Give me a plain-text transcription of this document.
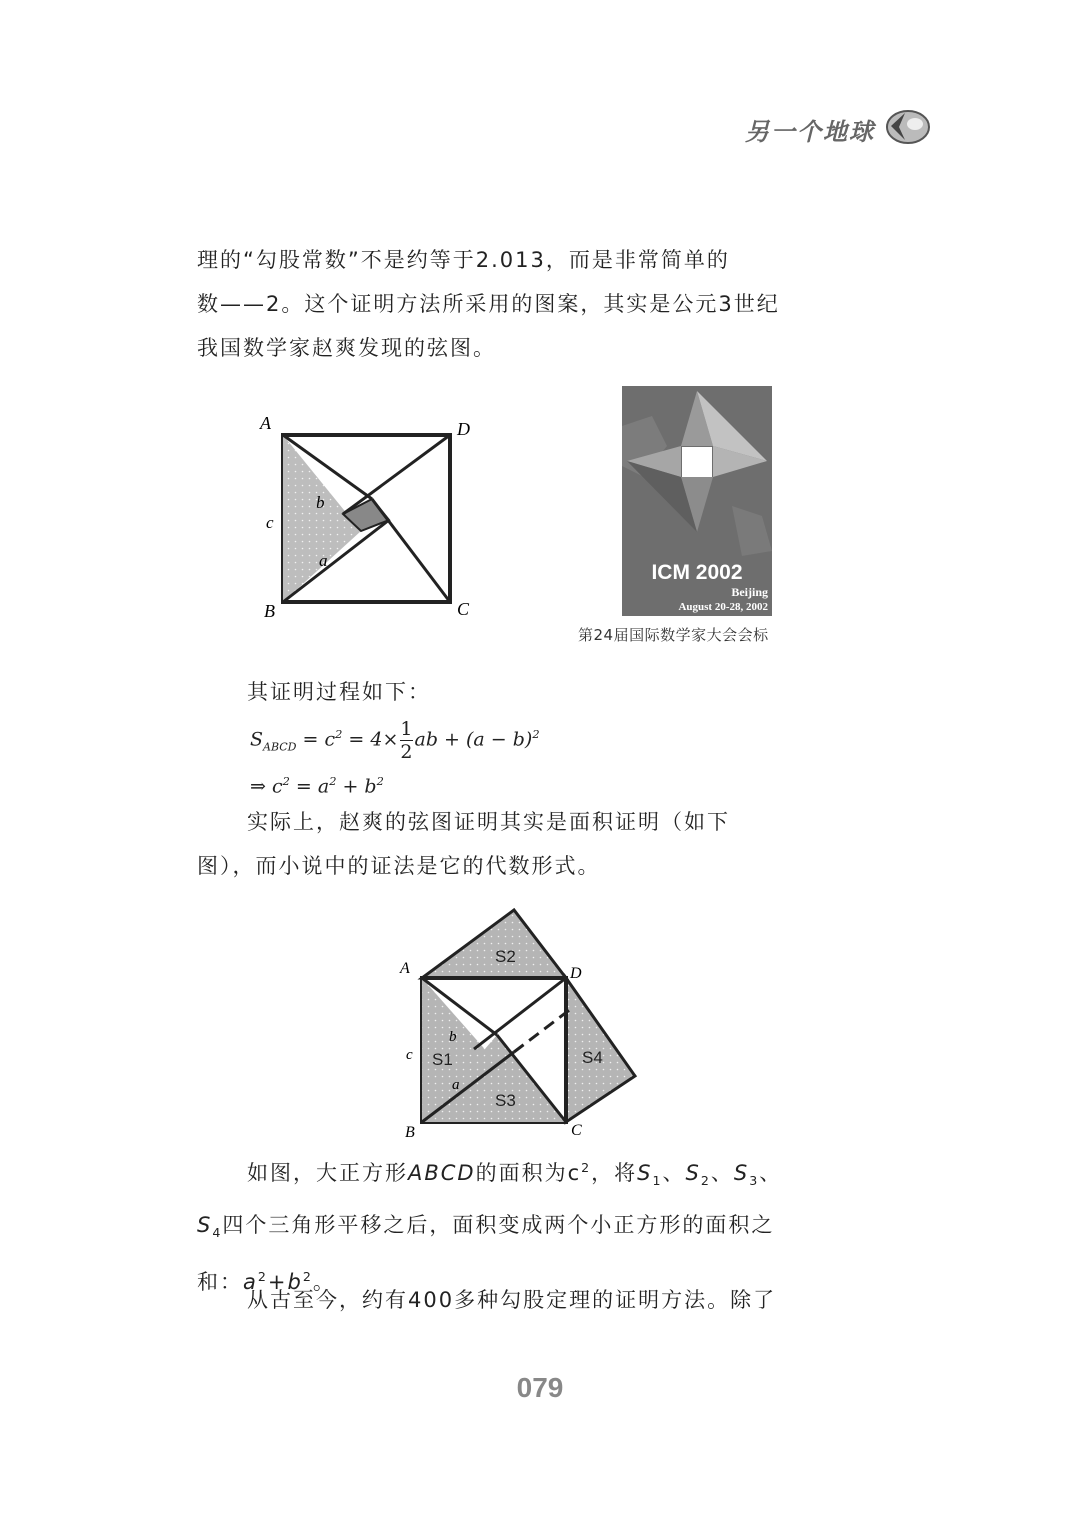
另一个地球

理的“勾股常数”不是约等于2.013，而是非常简单的

数——2。这个证明方法所采用的图案，其实是公元3世纪

我国数学家赵爽发现的弦图。

A	D
B	C
c
b
a
ICM 2002
Beijing
August 20-28, 2002
第24届国际数学家大会会标

其证明过程如下：

$S_{ABCD} = c^2 = 4\times \frac{1}{2}$ ab + $(a - b)^2$
⇒ $c^2 = a^2 + b^2$

实际上，赵爽的弦图证明其实是面积证明（如下

图），而小说中的证法是它的代数形式。

A	D
B	C
c
b
a
S1
S2
S3
S4

如图，大正方形ABCD的面积为$c^2$，将$S_1$、$S_2$、$S_3$、

$S_4$四个三角形平移之后，面积变成两个小正方形的面积之

和：$a^2+b^2$。

从古至今，约有400多种勾股定理的证明方法。除了

079
